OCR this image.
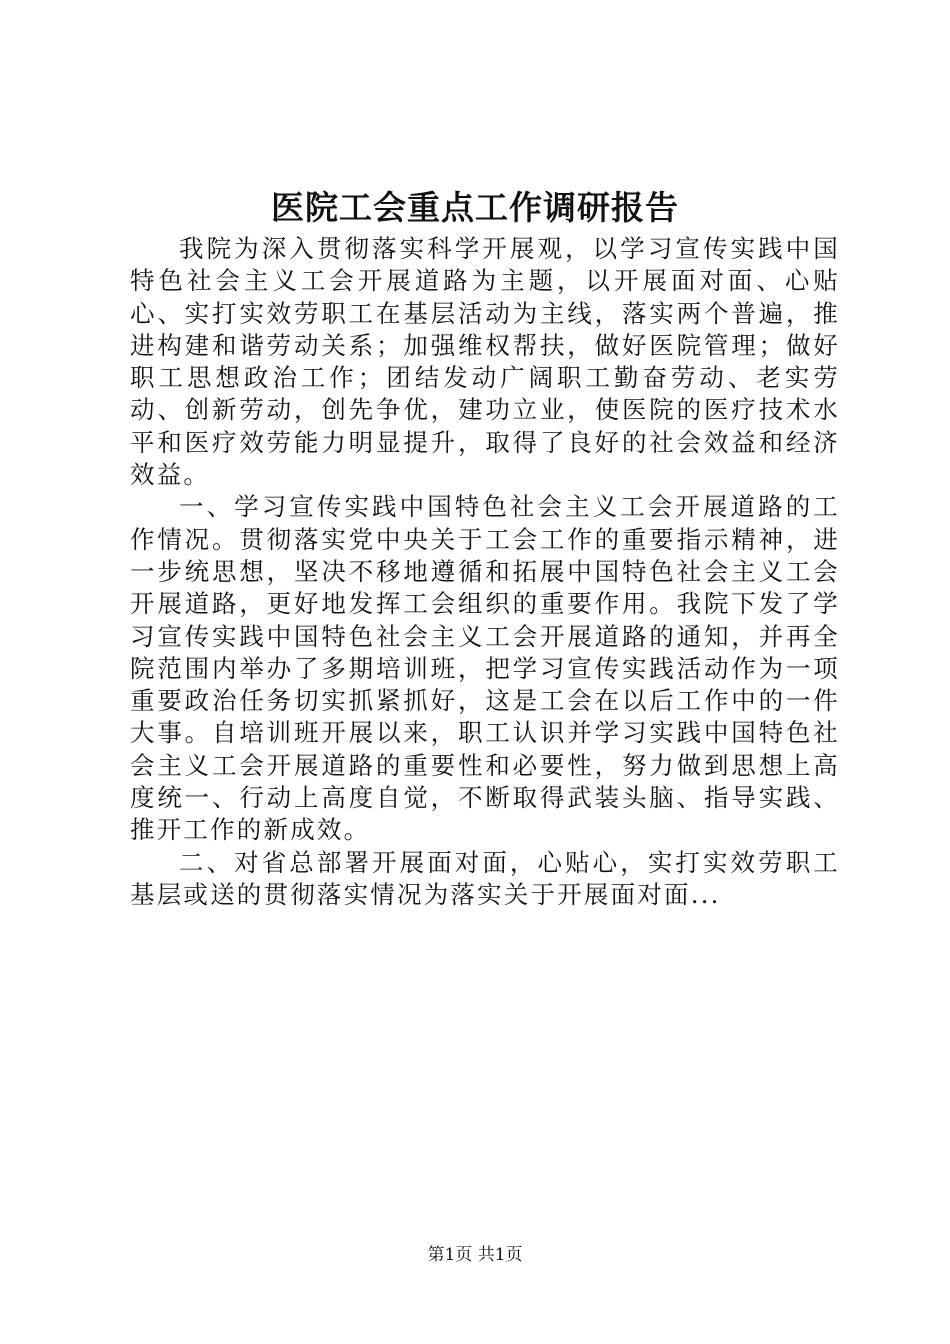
医院工会重点工作调研报告

我院为深入贯彻落实科学开展观，以学习宣传实践中国特色社会主义工会开展道路为主题，以开展面对面、心贴心、实打实效劳职工在基层活动为主线，落实两个普遍，推进构建和谐劳动关系；加强维权帮扶，做好医院管理；做好职工思想政治工作；团结发动广阔职工勤奋劳动、老实劳动、创新劳动，创先争优，建功立业，使医院的医疗技术水平和医疗效劳能力明显提升，取得了良好的社会效益和经济效益。

一、学习宣传实践中国特色社会主义工会开展道路的工作情况。贯彻落实党中央关于工会工作的重要指示精神，进一步统思想，坚决不移地遵循和拓展中国特色社会主义工会开展道路，更好地发挥工会组织的重要作用。我院下发了学习宣传实践中国特色社会主义工会开展道路的通知，并再全院范围内举办了多期培训班，把学习宣传实践活动作为一项重要政治任务切实抓紧抓好，这是工会在以后工作中的一件大事。自培训班开展以来，职工认识并学习实践中国特色社会主义工会开展道路的重要性和必要性，努力做到思想上高度统一、行动上高度自觉，不断取得武装头脑、指导实践、推开工作的新成效。

二、对省总部署开展面对面，心贴心，实打实效劳职工基层或送的贯彻落实情况为落实关于开展面对面...

第1页 共1页
